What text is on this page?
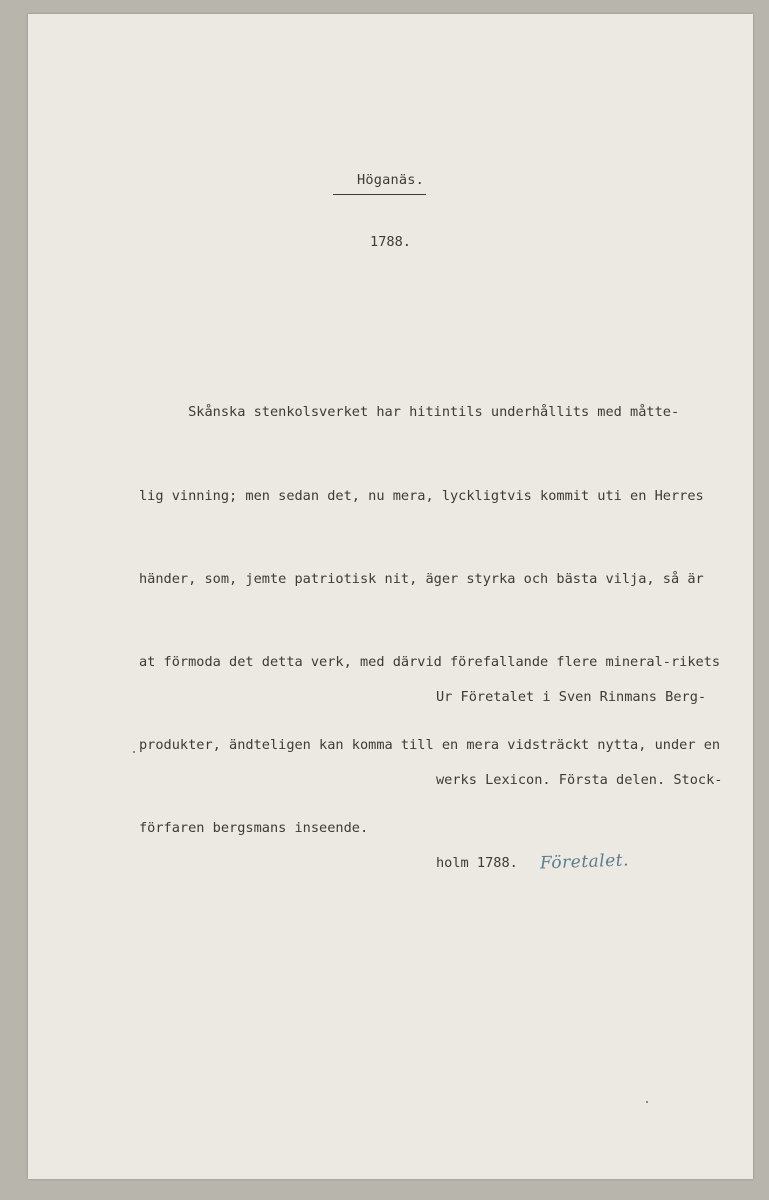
Höganäs.
1788.

Skånska stenkolsverket har hitintils underhållits med måtte-

lig vinning; men sedan det, nu mera, lyckligtvis kommit uti en Herres

händer, som, jemte patriotisk nit, äger styrka och bästa vilja, så är

at förmoda det detta verk, med därvid förefallande flere mineral-rikets

produkter, ändteligen kan komma till en mera vidsträckt nytta, under en

förfaren bergsmans inseende.

Ur Företalet i Sven Rinmans Berg-

werks Lexicon. Första delen. Stock-

holm 1788. Företalet.
